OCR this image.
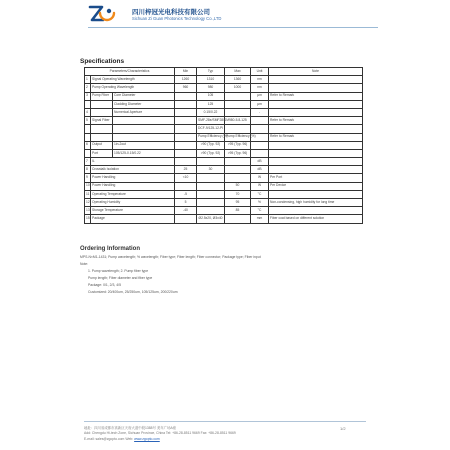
四川梓冠光电科技有限公司
Sichuan Zi Guan Photonics Technology Co.,LTD
Specifications
Parameters/Characteristics			Min	Typ	Max	Unit	Note
1	Signal Operating Wavelength		1260	1310	1360	nm	
2	Pump Operating Wavelength		960	980	1000	nm	
3	Pump Fiber	Core Diameter		105		μm	Refer to Remark
		Cladding Diameter		125		μm	
4		Numerical Aperture		0.15/0.22		-	
5	Signal Fiber			SMF-28e/SMF28/SM980-5.8-125			Refer to Remark
				DCF-9/125-12-PI			
				Pump Efficiency (%)	Pump Efficiency (%)		Refer to Remark
6	Output	1in-2out		>90 (Typ. 92)	>95 (Typ. 96)		
	Port	105/125-0.15/0.22		>90 (Typ. 92)	>95 (Typ. 96)		
7	IL					dB	
8	Crosstalk Isolation		25	30		dB	
9	Power Handling		<10			W	Per Port
10	Power Handling				50	W	Per Device
11	Operating Temperature		-5		70	°C	
12	Operating Humidity		5		95	%	Non-condensing, high humidity for long time
13	Storage Temperature		-40		85	°C	
15	Package			Ø2.5x20, Ø3x40		mm	Fiber coat based on different solution
Ordering Information
MPS-N×M1-1431; Pump wavelength; % wavelength; Fiber type; Fiber length; Fiber connector; Package type; Fiber input
Note:
1. Pump wavelength; 2. Pump fiber type
Pump length; Fiber diameter and fiber type
Package: 0/1, 2/3, 4/5
Customized: 20/400um, 25/250um, 105/125um, 200/220um
地址：四川省成都市高新区天府大道中段1388号 美年广场A座
Add: Chengdu Hi-tech Zone, Sichuan Province, China Tel: +86-28-8511 9669 Fax: +86-28-8511 9669
E-mail: sales@zgopto.com Web: www.zgopto.com
1/2
